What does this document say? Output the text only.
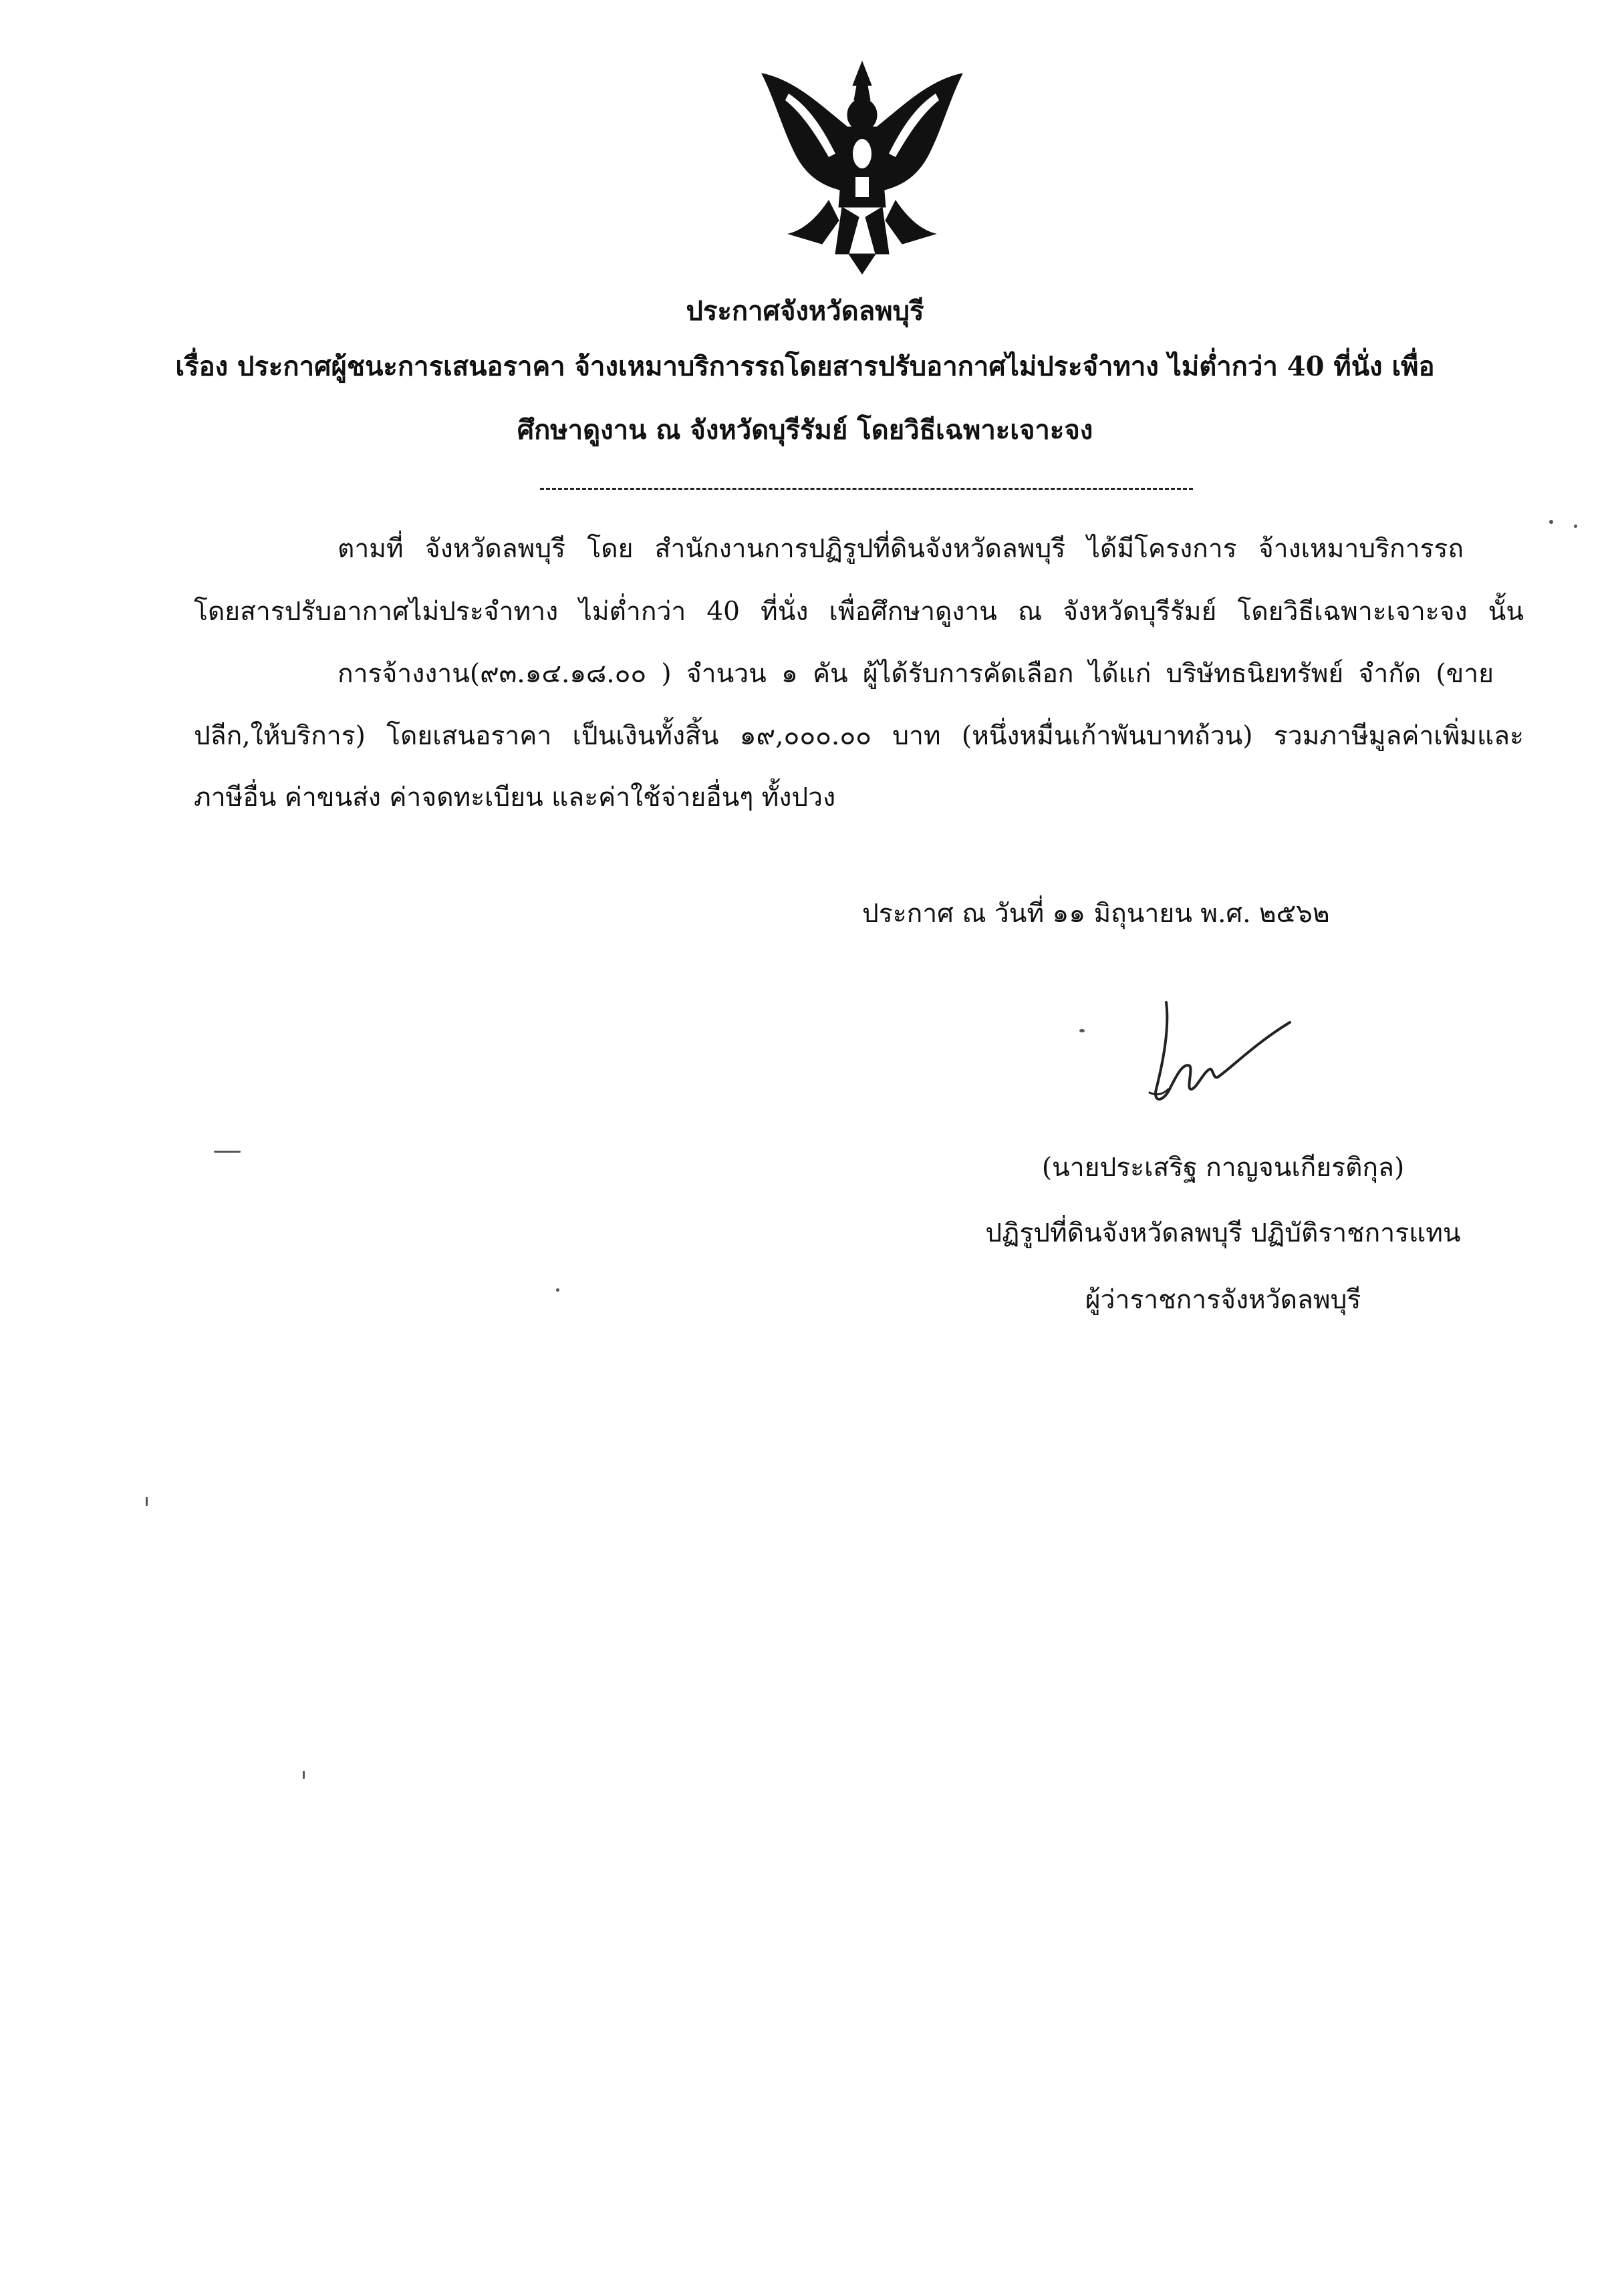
ประกาศจังหวัดลพบุรี
เรื่อง ประกาศผู้ชนะการเสนอราคา จ้างเหมาบริการรถโดยสารปรับอากาศไม่ประจำทาง ไม่ต่ำกว่า 40 ที่นั่ง เพื่อ
ศึกษาดูงาน ณ จังหวัดบุรีรัมย์ โดยวิธีเฉพาะเจาะจง
ตามที่ จังหวัดลพบุรี โดย สำนักงานการปฏิรูปที่ดินจังหวัดลพบุรี ได้มีโครงการ จ้างเหมาบริการรถ
โดยสารปรับอากาศไม่ประจำทาง ไม่ต่ำกว่า 40 ที่นั่ง เพื่อศึกษาดูงาน ณ จังหวัดบุรีรัมย์ โดยวิธีเฉพาะเจาะจง นั้น
การจ้างงาน(๙๓.๑๔.๑๘.๐๐ ) จำนวน ๑ คัน ผู้ได้รับการคัดเลือก ได้แก่ บริษัทธนิยทรัพย์ จำกัด (ขาย
ปลีก,ให้บริการ) โดยเสนอราคา เป็นเงินทั้งสิ้น ๑๙,๐๐๐.๐๐ บาท (หนึ่งหมื่นเก้าพันบาทถ้วน) รวมภาษีมูลค่าเพิ่มและ
ภาษีอื่น ค่าขนส่ง ค่าจดทะเบียน และค่าใช้จ่ายอื่นๆ ทั้งปวง
ประกาศ ณ วันที่ ๑๑ มิถุนายน พ.ศ. ๒๕๖๒
(นายประเสริฐ กาญจนเกียรติกุล)
ปฏิรูปที่ดินจังหวัดลพบุรี ปฏิบัติราชการแทน
ผู้ว่าราชการจังหวัดลพบุรี
